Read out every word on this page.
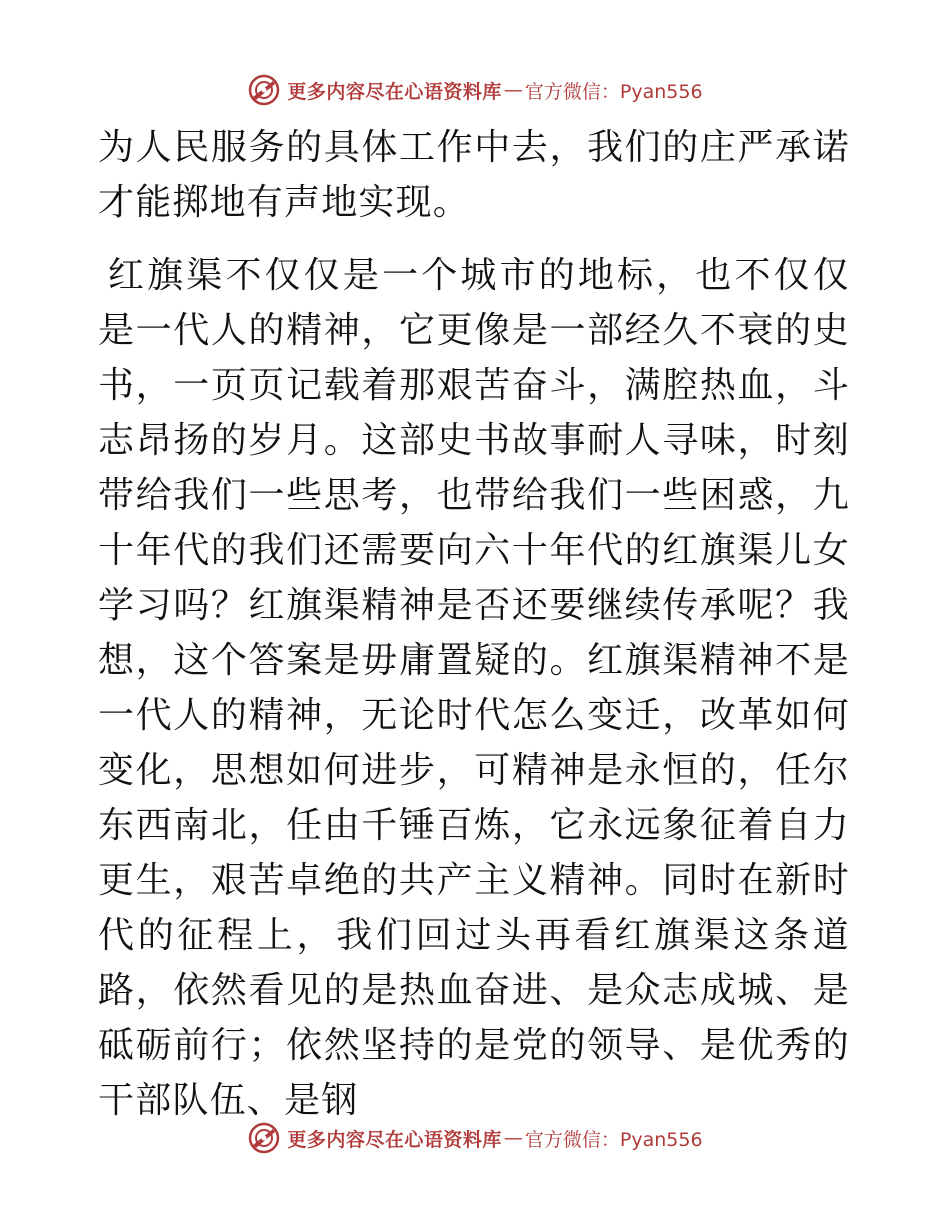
更多内容尽在心语资料库 — 官方微信：Pyan556

为人民服务的具体工作中去，我们的庄严承诺才能掷地有声地实现。

红旗渠不仅仅是一个城市的地标，也不仅仅是一代人的精神，它更像是一部经久不衰的史书，一页页记载着那艰苦奋斗，满腔热血，斗志昂扬的岁月。这部史书故事耐人寻味，时刻带给我们一些思考，也带给我们一些困惑，九十年代的我们还需要向六十年代的红旗渠儿女学习吗？红旗渠精神是否还要继续传承呢？我想，这个答案是毋庸置疑的。红旗渠精神不是一代人的精神，无论时代怎么变迁，改革如何变化，思想如何进步，可精神是永恒的，任尔东西南北，任由千锤百炼，它永远象征着自力更生，艰苦卓绝的共产主义精神。同时在新时代的征程上，我们回过头再看红旗渠这条道路，依然看见的是热血奋进、是众志成城、是砥砺前行；依然坚持的是党的领导、是优秀的干部队伍、是钢

更多内容尽在心语资料库 — 官方微信：Pyan556
